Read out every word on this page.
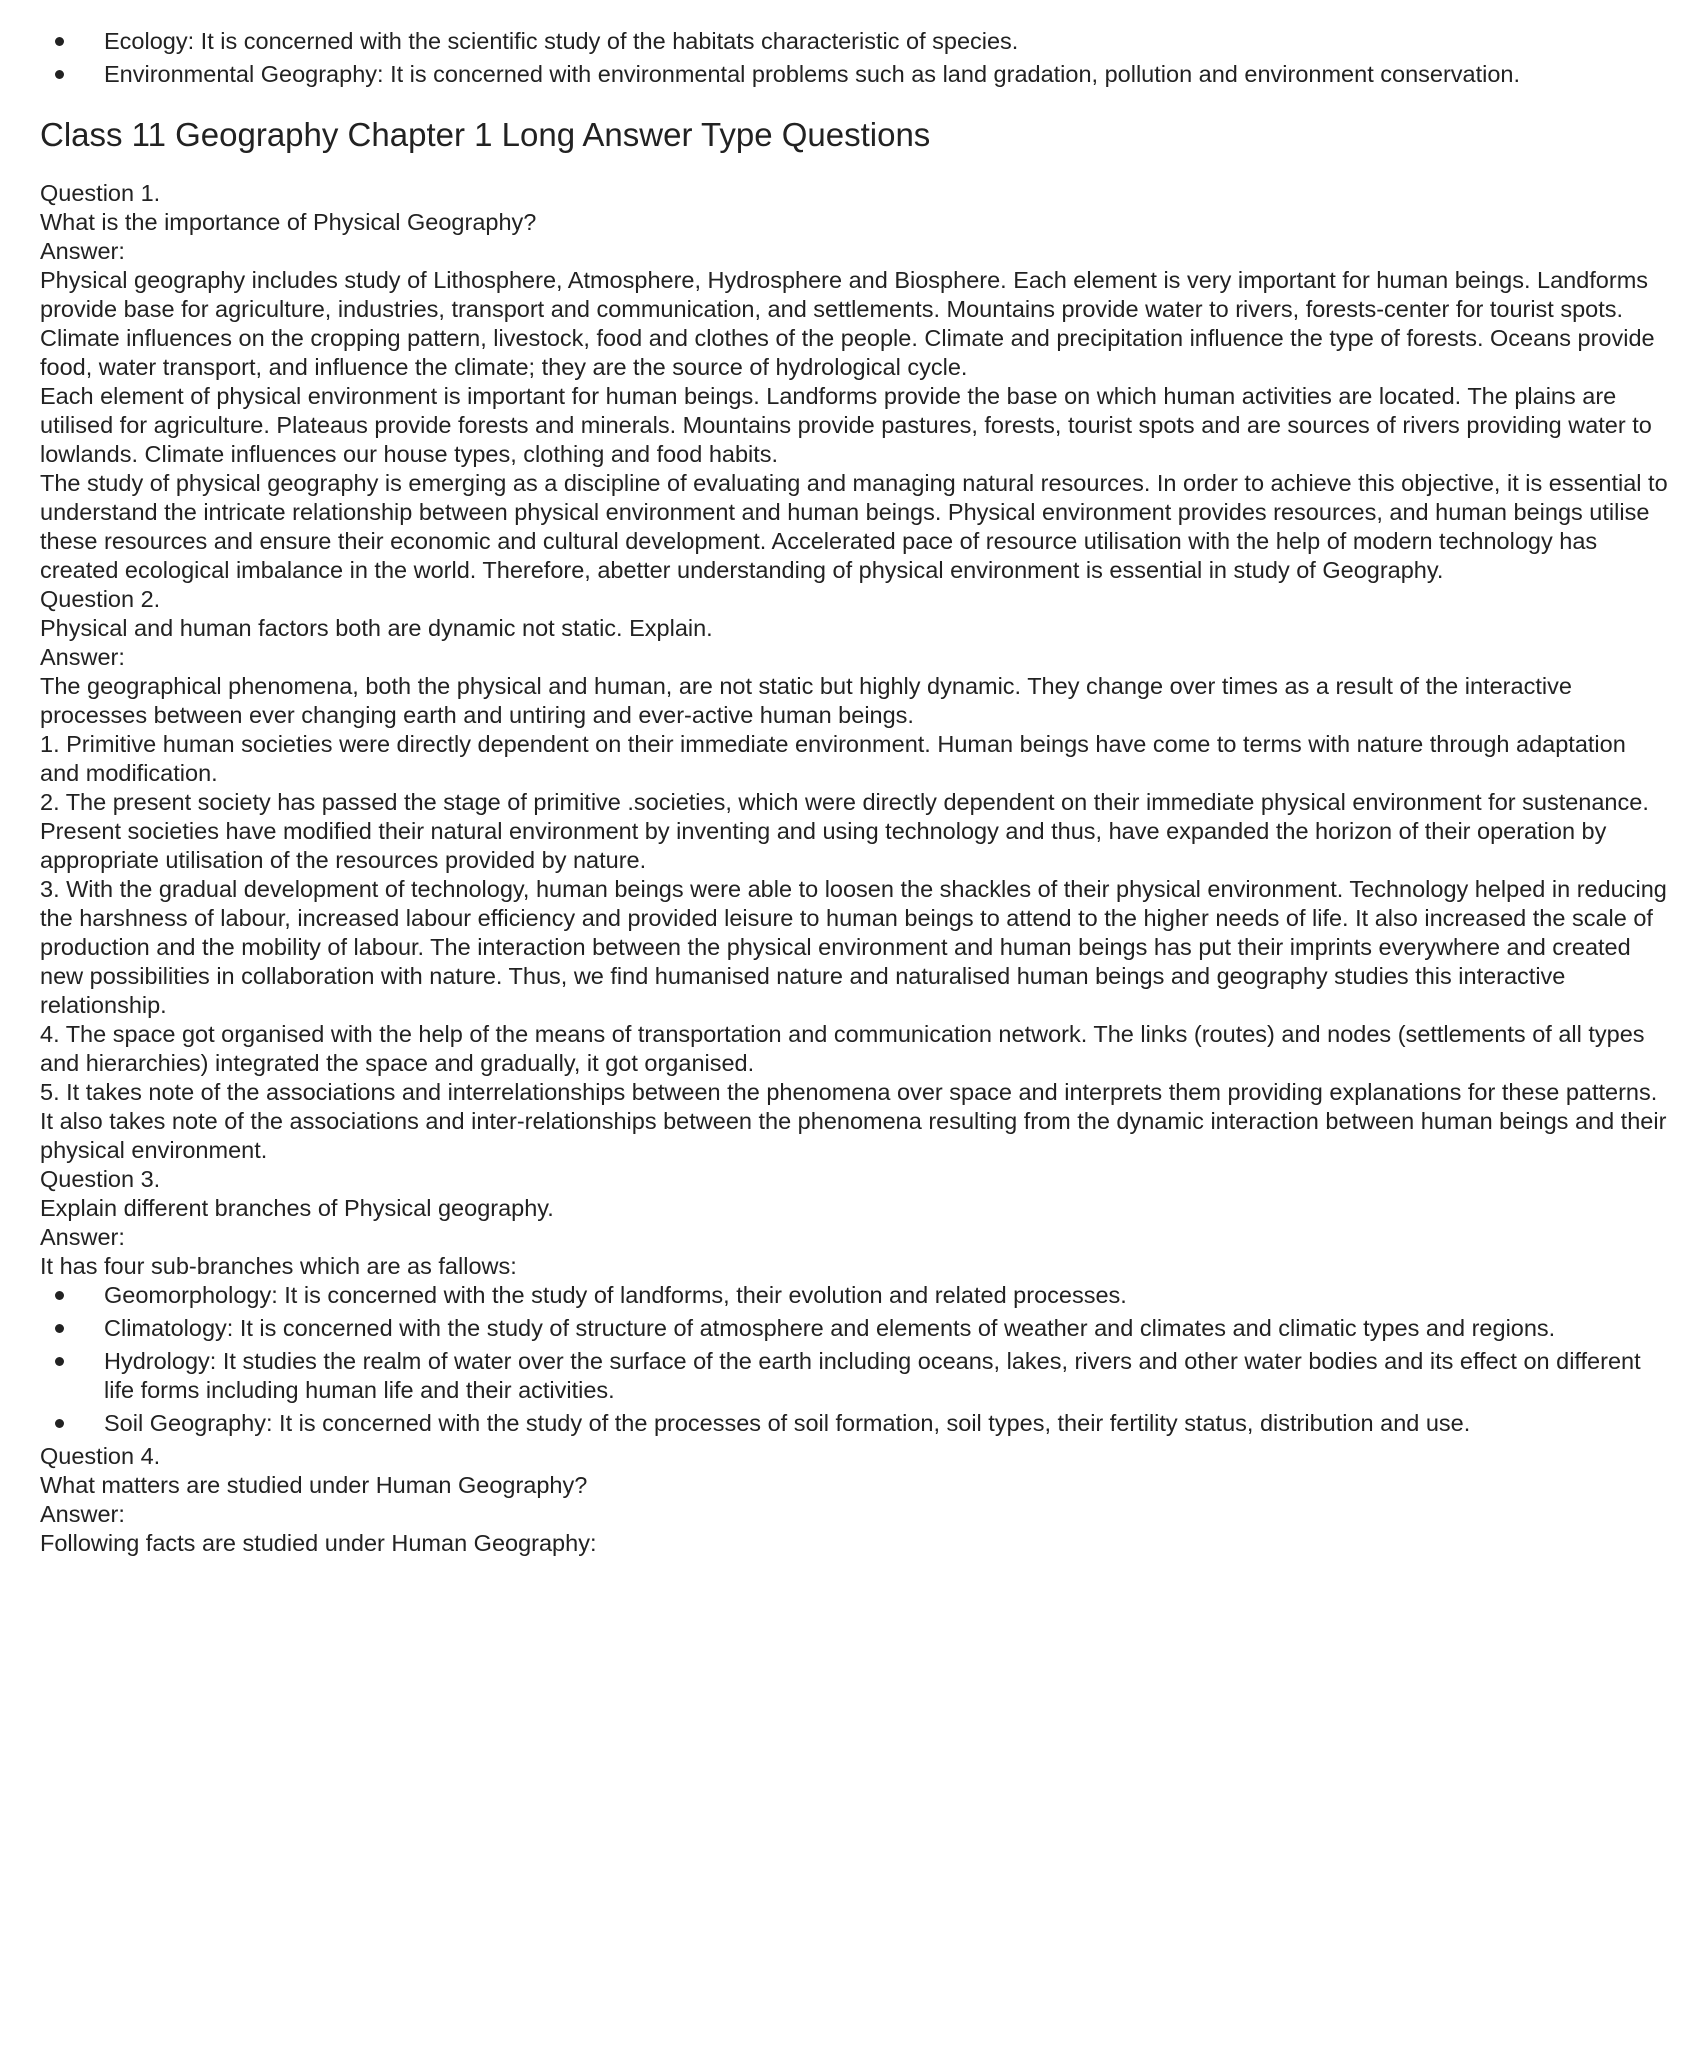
Ecology: It is concerned with the scientific study of the habitats characteristic of species.
Environmental Geography: It is concerned with environmental problems such as land gradation, pollution and environment conservation.
Class 11 Geography Chapter 1 Long Answer Type Questions

Question 1.

What is the importance of Physical Geography?

Answer:

Physical geography includes study of Lithosphere, Atmosphere, Hydrosphere and Biosphere. Each element is very important for human beings. Landforms provide base for agriculture, industries, transport and communication, and settlements. Mountains provide water to rivers, forests-center for tourist spots. Climate influences on the cropping pattern, livestock, food and clothes of the people. Climate and precipitation influence the type of forests. Oceans provide food, water transport, and influence the climate; they are the source of hydrological cycle.

Each element of physical environment is important for human beings. Landforms provide the base on which human activities are located. The plains are utilised for agriculture. Plateaus provide forests and minerals. Mountains provide pastures, forests, tourist spots and are sources of rivers providing water to lowlands. Climate influences our house types, clothing and food habits.

The study of physical geography is emerging as a discipline of evaluating and managing natural resources. In order to achieve this objective, it is essential to understand the intricate relationship between physical environment and human beings. Physical environment provides resources, and human beings utilise these resources and ensure their economic and cultural development. Accelerated pace of resource utilisation with the help of modern technology has created ecological imbalance in the world. Therefore, abetter understanding of physical environment is essential in study of Geography.

Question 2.

Physical and human factors both are dynamic not static. Explain.

Answer:

The geographical phenomena, both the physical and human, are not static but highly dynamic. They change over times as a result of the interactive processes between ever changing earth and untiring and ever-active human beings.

1. Primitive human societies were directly dependent on their immediate environment. Human beings have come to terms with nature through adaptation and modification.

2. The present society has passed the stage of primitive .societies, which were directly dependent on their immediate physical environment for sustenance. Present societies have modified their natural environment by inventing and using technology and thus, have expanded the horizon of their operation by appropriate utilisation of the resources provided by nature.

3. With the gradual development of technology, human beings were able to loosen the shackles of their physical environment. Technology helped in reducing the harshness of labour, increased labour efficiency and provided leisure to human beings to attend to the higher needs of life. It also increased the scale of production and the mobility of labour. The interaction between the physical environment and human beings has put their imprints everywhere and created new possibilities in collaboration with nature. Thus, we find humanised nature and naturalised human beings and geography studies this interactive relationship.

4. The space got organised with the help of the means of transportation and communication network. The links (routes) and nodes (settlements of all types and hierarchies) integrated the space and gradually, it got organised.

5. It takes note of the associations and interrelationships between the phenomena over space and interprets them providing explanations for these patterns. It also takes note of the associations and inter-relationships between the phenomena resulting from the dynamic interaction between human beings and their physical environment.

Question 3.

Explain different branches of Physical geography.

Answer:

It has four sub-branches which are as fallows:

Geomorphology: It is concerned with the study of landforms, their evolution and related processes.
Climatology: It is concerned with the study of structure of atmosphere and elements of weather and climates and climatic types and regions.
Hydrology: It studies the realm of water over the surface of the earth including oceans, lakes, rivers and other water bodies and its effect on different life forms including human life and their activities.
Soil Geography: It is concerned with the study of the processes of soil formation, soil types, their fertility status, distribution and use.

Question 4.

What matters are studied under Human Geography?

Answer:

Following facts are studied under Human Geography:
